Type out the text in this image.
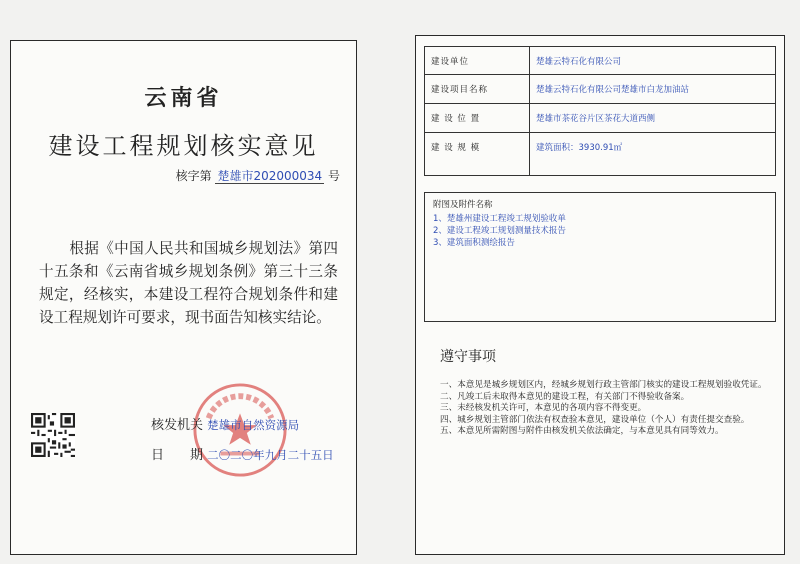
云南省
建设工程规划核实意见
核字第 楚雄市202000034 号
根据《中国人民共和国城乡规划法》第四十五条和《云南省城乡规划条例》第三十三条规定，经核实，本建设工程符合规划条件和建设工程规划许可要求，现书面告知核实结论。
核发机关 楚雄市自然资源局
日　　期 二〇二〇年九月二十五日
建设单位	楚雄云特石化有限公司
建设项目名称	楚雄云特石化有限公司楚雄市白龙加油站
建 设 位 置	楚雄市茶花谷片区茶花大道西侧
建 设 规 模	建筑面积：3930.91㎡
附图及附件名称
1、楚雄州建设工程竣工规划验收单
2、建设工程竣工规划测量技术报告
3、建筑面积测绘报告
遵守事项
一、本意见是城乡规划区内，经城乡规划行政主管部门核实的建设工程规划验收凭证。
二、凡竣工后未取得本意见的建设工程，有关部门不得验收备案。
三、未经核发机关许可，本意见的各项内容不得变更。
四、城乡规划主管部门依法有权查验本意见，建设单位（个人）有责任提交查验。
五、本意见所需附图与附件由核发机关依法确定，与本意见具有同等效力。
